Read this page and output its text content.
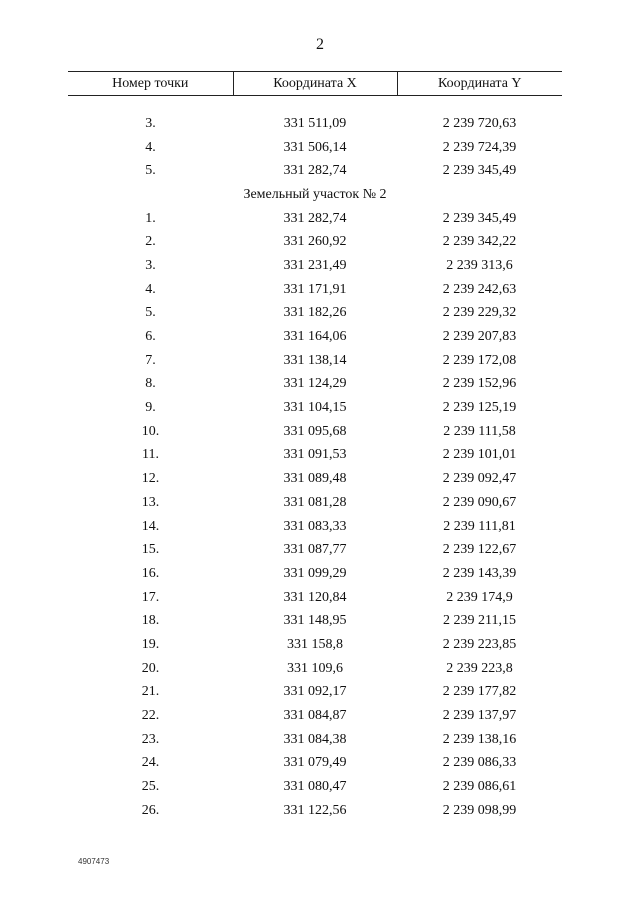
2
Номер точки	Координата X	Координата Y

3.	331 511,09	2 239 720,63
4.	331 506,14	2 239 724,39
5.	331 282,74	2 239 345,49
Земельный участок № 2		
1.	331 282,74	2 239 345,49
2.	331 260,92	2 239 342,22
3.	331 231,49	2 239 313,6
4.	331 171,91	2 239 242,63
5.	331 182,26	2 239 229,32
6.	331 164,06	2 239 207,83
7.	331 138,14	2 239 172,08
8.	331 124,29	2 239 152,96
9.	331 104,15	2 239 125,19
10.	331 095,68	2 239 111,58
11.	331 091,53	2 239 101,01
12.	331 089,48	2 239 092,47
13.	331 081,28	2 239 090,67
14.	331 083,33	2 239 111,81
15.	331 087,77	2 239 122,67
16.	331 099,29	2 239 143,39
17.	331 120,84	2 239 174,9
18.	331 148,95	2 239 211,15
19.	331 158,8	2 239 223,85
20.	331 109,6	2 239 223,8
21.	331 092,17	2 239 177,82
22.	331 084,87	2 239 137,97
23.	331 084,38	2 239 138,16
24.	331 079,49	2 239 086,33
25.	331 080,47	2 239 086,61
26.	331 122,56	2 239 098,99
4907473
